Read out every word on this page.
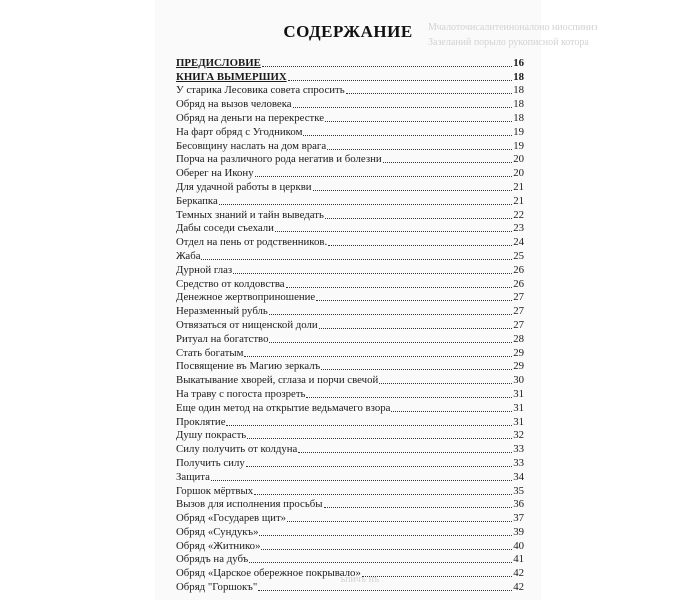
Мчалоточисалитеиноналоно ниоспиниз
Зазеланий порыло рукописной котора
ъпичъ нъ
СОДЕРЖАНИЕ
ПРЕДИСЛОВИЕ	16
КНИГА ВЫМЕРШИХ	18
У старика Лесовика совета спросить	18
Обряд на вызов человека	18
Обряд на деньги на перекрестке	18
На фарт обряд с Угодником	19
Бесовщину наслать на дом врага	19
Порча на различного рода негатив и болезни	20
Оберег на Икону	20
Для удачной работы в церкви	21
Беркапка	21
Темных знаний и тайн выведать	22
Дабы соседи съехали	23
Отдел на пень от родственников.	24
Жаба	25
Дурной глаз	26
Средство от колдовства	26
Денежное жертвоприношение	27
Неразменный рубль	27
Отвязаться от нищенской доли	27
Ритуал на богатство	28
Стать богатым	29
Посвящение въ Магию зеркалъ	29
Выкатывание хворей, сглаза и порчи свечой	30
На траву с погоста прозреть	31
Еще один метод на открытие ведьмачего взора	31
Проклятие	31
Душу покрасть	32
Силу получить от колдуна	33
Получить силу	33
Защита	34
Горшок мёртвых	35
Вызов для исполнения просьбы	36
Обряд «Государев щит»	37
Обряд «Сундукъ»	39
Обряд «Житнико»	40
Обрядъ на дубъ	41
Обряд «Царское обережное покрывало»	42
Обряд "Горшокъ"	42
